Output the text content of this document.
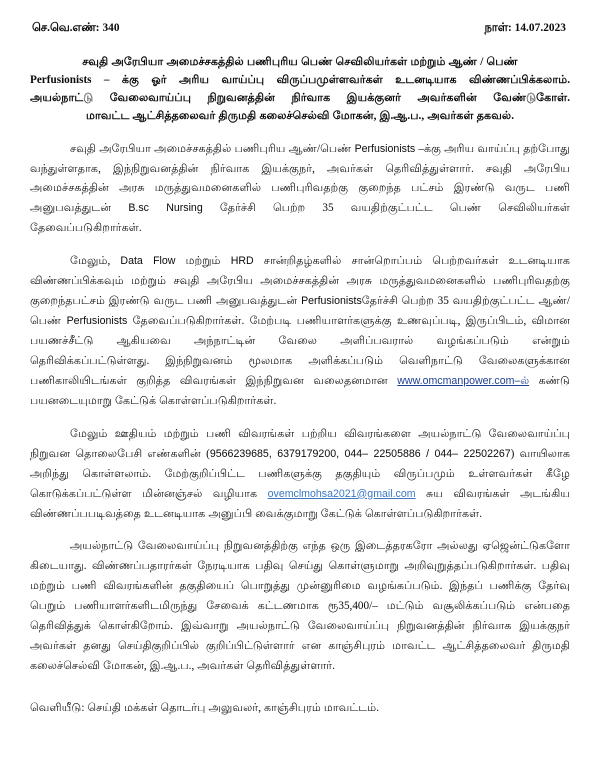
செ.வெ.எண்: 340	நாள்: 14.07.2023
சவுதி அரேபியா அமைச்சகத்தில் பணிபுரிய பெண் செவிலியர்கள் மற்றும் ஆண் / பெண்
Perfusionists – க்கு ஓர் அரிய வாய்ப்பு விருப்பமுள்ளவர்கள் உடனடியாக விண்ணப்பிக்கலாம்.
அயல்நாட்டு வேலைவாய்ப்பு நிறுவனத்தின் நிர்வாக இயக்குனர் அவர்களின் வேண்டுகோள்.
மாவட்ட ஆட்சித்தலைவர் திருமதி கலைச்செல்வி மோகன், இ.ஆ.ப., அவர்கள் தகவல்.

சவுதி அரேபியா அமைச்சகத்தில் பணிபுரிய ஆண்/பெண் Perfusionists –க்கு அரிய வாய்ப்பு தற்போது வந்துள்ளதாக, இந்நிறுவனத்தின் நிர்வாக இயக்குநர், அவர்கள் தெரிவித்துள்ளார். சவுதி அரேபிய அமைச்சகத்தின் அரசு மருத்துவமனைகளில் பணிபுரிவதற்கு குறைந்த பட்சம் இரண்டு வருட பணி அனுபவத்துடன் B.sc Nursing தேர்ச்சி பெற்ற 35 வயதிற்குட்பட்ட பெண் செவிலியர்கள் தேவைப்படுகிறார்கள்.

மேலும், Data Flow மற்றும் HRD சான்றிதழ்களில் சான்றொப்பம் பெற்றவர்கள் உடனடியாக விண்ணப்பிக்கவும் மற்றும் சவுதி அரேபிய அமைச்சகத்தின் அரசு மருத்துவமனைகளில் பணிபுரிவதற்கு குறைந்தபட்சம் இரண்டு வருட பணி அனுபவத்துடன் Perfusionistsதேர்ச்சி பெற்ற 35 வயதிற்குட்பட்ட ஆண்/பெண் Perfusionists தேவைப்படுகிறார்கள். மேற்படி பணியாளர்களுக்கு உணவுப்படி, இருப்பிடம், விமான பயணச்சீட்டு ஆகியவை அந்நாட்டின் வேலை அளிப்பவரால் வழங்கப்படும் என்றும் தெரிவிக்கப்பட்டுள்ளது. இந்நிறுவனம் மூலமாக அளிக்கப்படும் வெளிநாட்டு வேலைகளுக்கான பணிகாலியிடங்கள் குறித்த விவரங்கள் இந்நிறுவன வலைதனமான www.omcmanpower.com–ல் கண்டு பயனடையுமாறு கேட்டுக் கொள்ளப்படுகிறார்கள்.

மேலும் ஊதியம் மற்றும் பணி விவரங்கள் பற்றிய விவரங்களை அயல்நாட்டு வேலைவாய்ப்பு நிறுவன தொலைபேசி எண்களின் (9566239685, 6379179200, 044– 22505886 / 044– 22502267) வாயிலாக அறிந்து கொள்ளலாம். மேற்குறிப்பிட்ட பணிகளுக்கு தகுதியும் விருப்பமும் உள்ளவர்கள் கீழே கொடுக்கப்பட்டுள்ள மின்னஞ்சல் வழியாக ovemclmohsa2021@gmail.com சுய விவரங்கள் அடங்கிய விண்ணப்பபடிவத்தை உடனடியாக அனுப்பி வைக்குமாறு கேட்டுக் கொள்ளப்படுகிறார்கள்.

அயல்நாட்டு வேலைவாய்ப்பு நிறுவனத்திற்கு எந்த ஒரு இடைத்தரகரோ அல்லது ஏஜென்ட்டுகளோ கிடையாது. விண்ணப்பதாரர்கள் நேரடியாக பதிவு செய்து கொள்ளுமாறு அறிவுறுத்தப்படுகிறார்கள். பதிவு மற்றும் பணி விவரங்களின் தகுதியைப் பொறுத்து முன்னுரிமை வழங்கப்படும். இந்தப் பணிக்கு தேர்வு பெறும் பணியாளர்களிடமிருந்து சேவைக் கட்டணமாக ரூ35,400/– மட்டும் வசூலிக்கப்படும் என்பதை தெரிவித்துக் கொள்கிறோம். இவ்வாறு அயல்நாட்டு வேலைவாய்ப்பு நிறுவனத்தின் நிர்வாக இயக்குநர் அவர்கள் தனது செய்திகுறிப்பில் குறிப்பிட்டுள்ளார் என காஞ்சிபுரம் மாவட்ட ஆட்சித்தலைவர் திருமதி கலைச்செல்வி மோகன், இ.ஆ.ப., அவர்கள் தெரிவித்துள்ளார்.

வெளியீடு: செய்தி மக்கள் தொடர்பு அலுவலர், காஞ்சிபுரம் மாவட்டம்.
